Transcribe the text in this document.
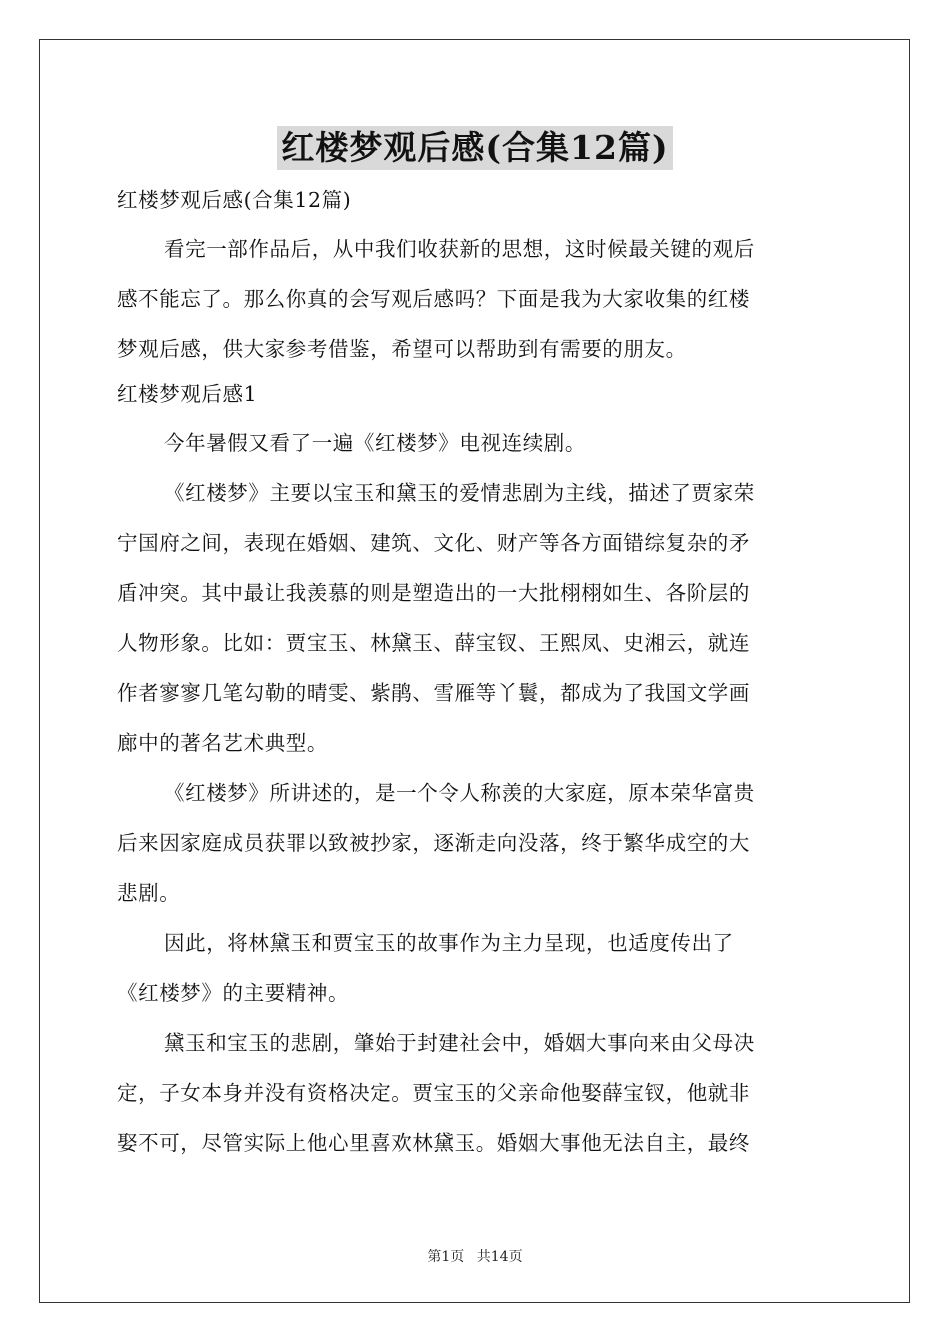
红楼梦观后感(合集12篇)
红楼梦观后感(合集12篇)
看完一部作品后，从中我们收获新的思想，这时候最关键的观后
感不能忘了。那么你真的会写观后感吗？下面是我为大家收集的红楼
梦观后感，供大家参考借鉴，希望可以帮助到有需要的朋友。
红楼梦观后感1
今年暑假又看了一遍《红楼梦》电视连续剧。
《红楼梦》主要以宝玉和黛玉的爱情悲剧为主线，描述了贾家荣
宁国府之间，表现在婚姻、建筑、文化、财产等各方面错综复杂的矛
盾冲突。其中最让我羡慕的则是塑造出的一大批栩栩如生、各阶层的
人物形象。比如：贾宝玉、林黛玉、薛宝钗、王熙凤、史湘云，就连
作者寥寥几笔勾勒的晴雯、紫鹃、雪雁等丫鬟，都成为了我国文学画
廊中的著名艺术典型。
《红楼梦》所讲述的，是一个令人称羡的大家庭，原本荣华富贵
后来因家庭成员获罪以致被抄家，逐渐走向没落，终于繁华成空的大
悲剧。
因此，将林黛玉和贾宝玉的故事作为主力呈现，也适度传出了
《红楼梦》的主要精神。
黛玉和宝玉的悲剧，肇始于封建社会中，婚姻大事向来由父母决
定，子女本身并没有资格决定。贾宝玉的父亲命他娶薛宝钗，他就非
娶不可，尽管实际上他心里喜欢林黛玉。婚姻大事他无法自主，最终
第1页 共14页
